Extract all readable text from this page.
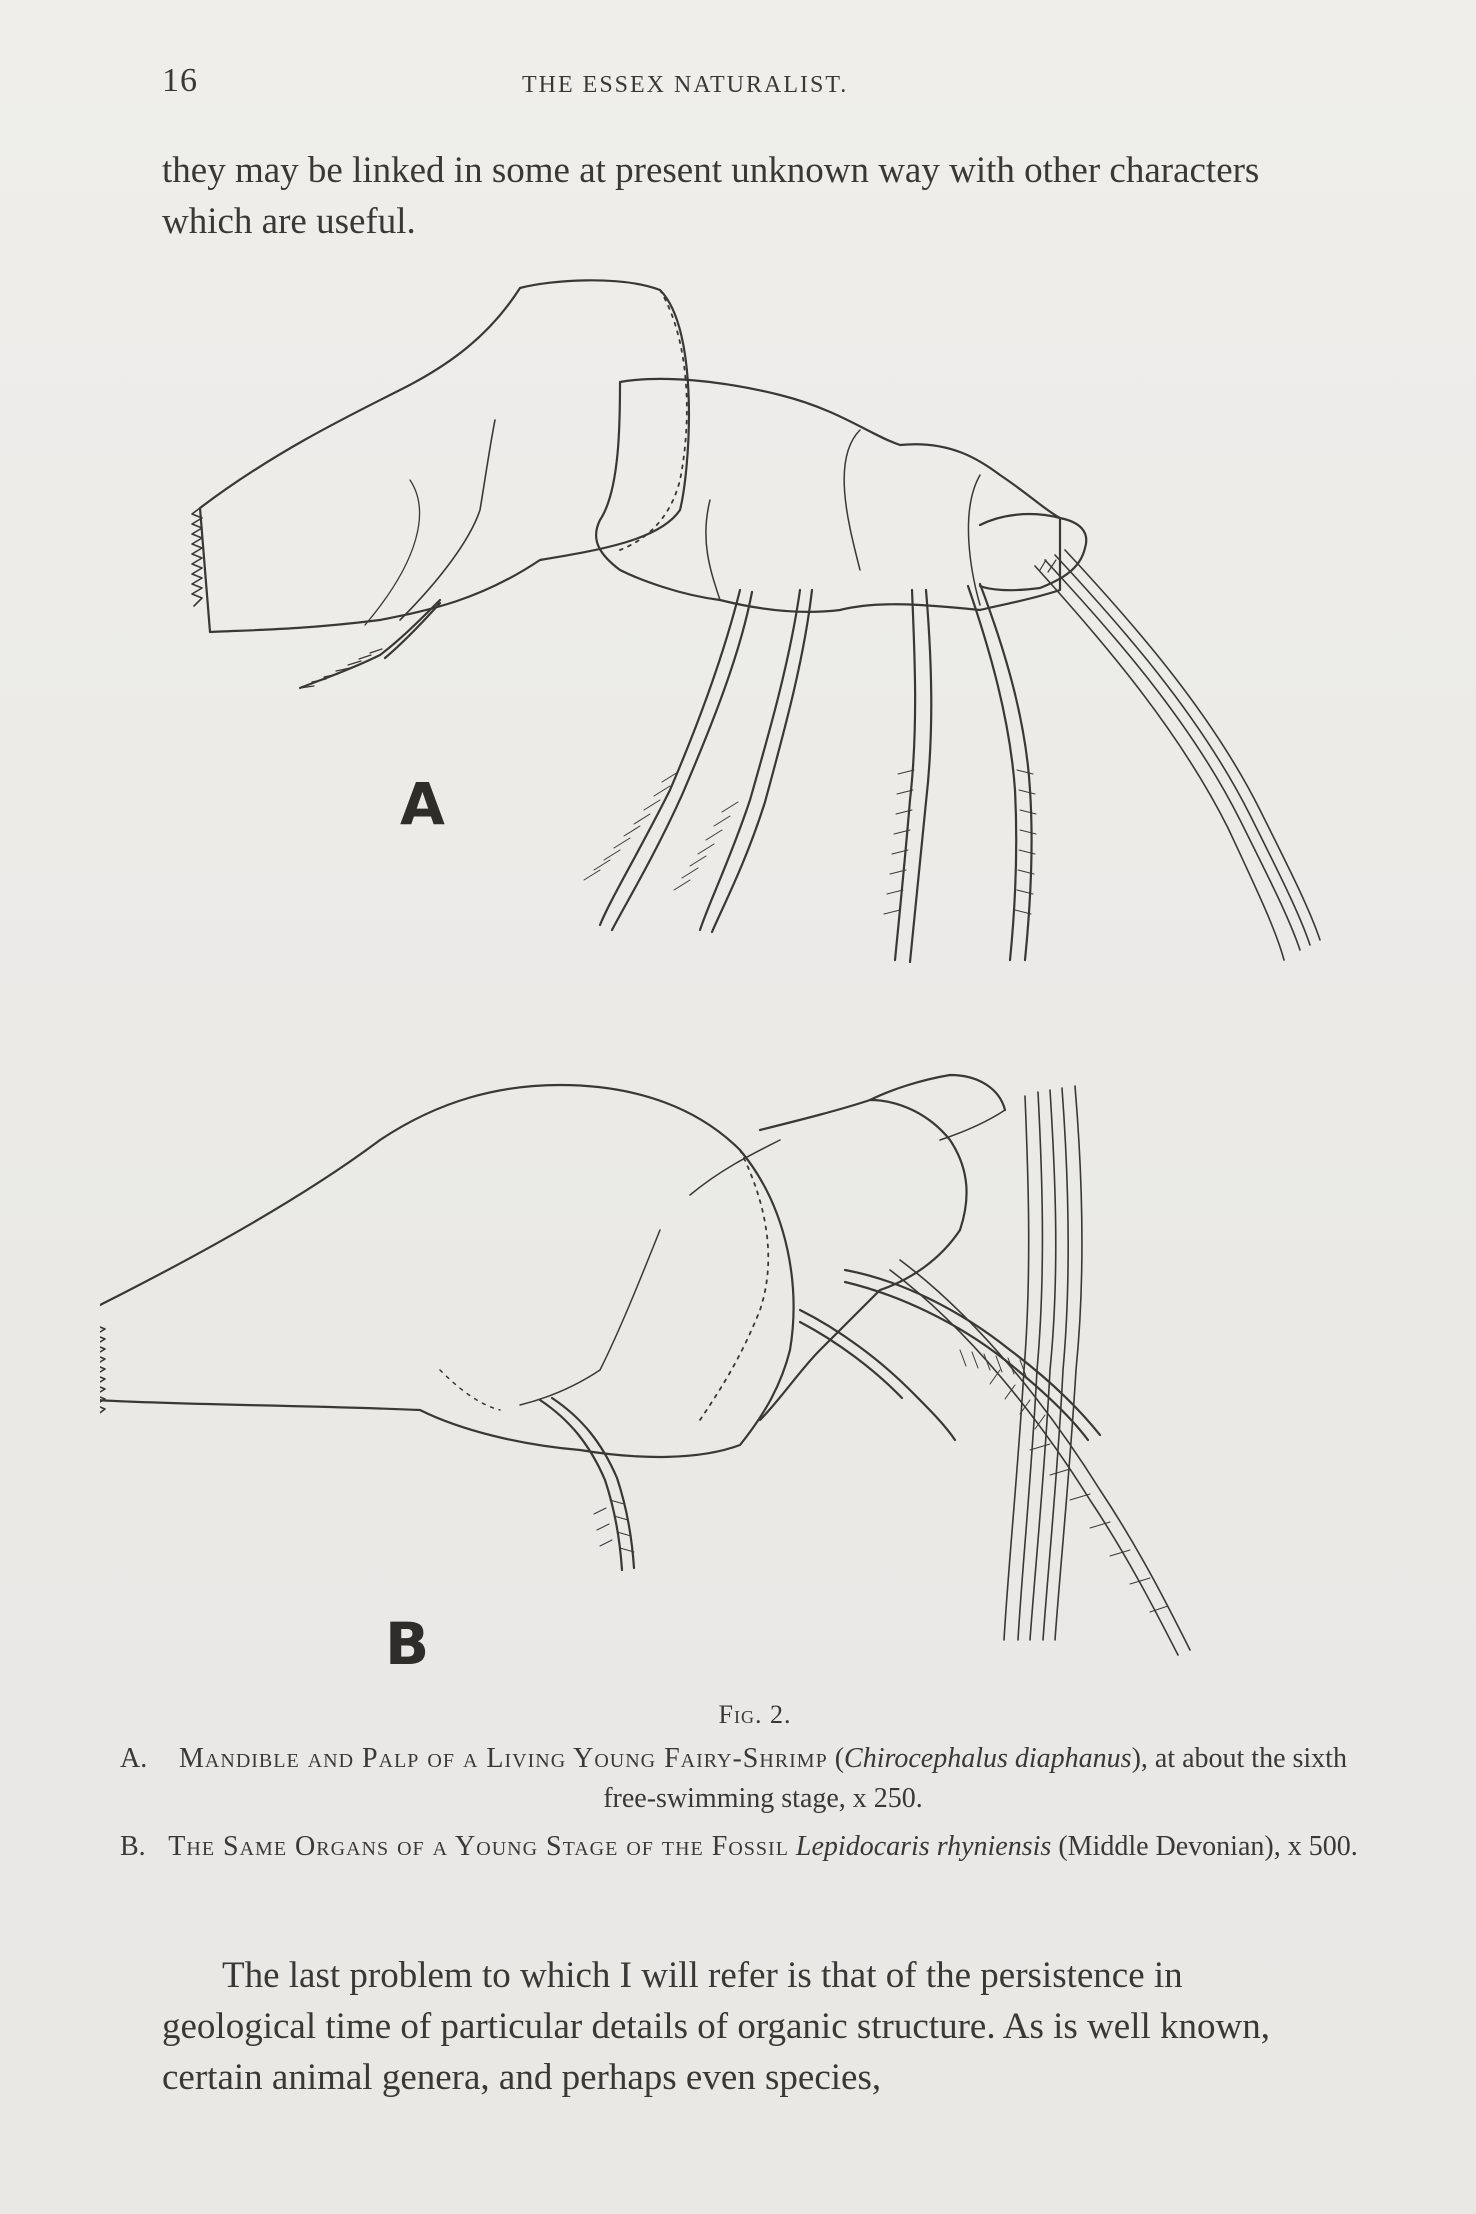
16	THE ESSEX NATURALIST.
they may be linked in some at present unknown way with other characters which are useful.
A
B
Fig. 2.
A.	Mandible and Palp of a Living Young Fairy-Shrimp (Chirocephalus diaphanus), at about the sixth free-swimming stage, x 250.
B. The Same Organs of a Young Stage of the Fossil Lepidocaris rhyniensis (Middle Devonian), x 500.

The last problem to which I will refer is that of the persistence in geological time of particular details of organic structure. As is well known, certain animal genera, and perhaps even species,
